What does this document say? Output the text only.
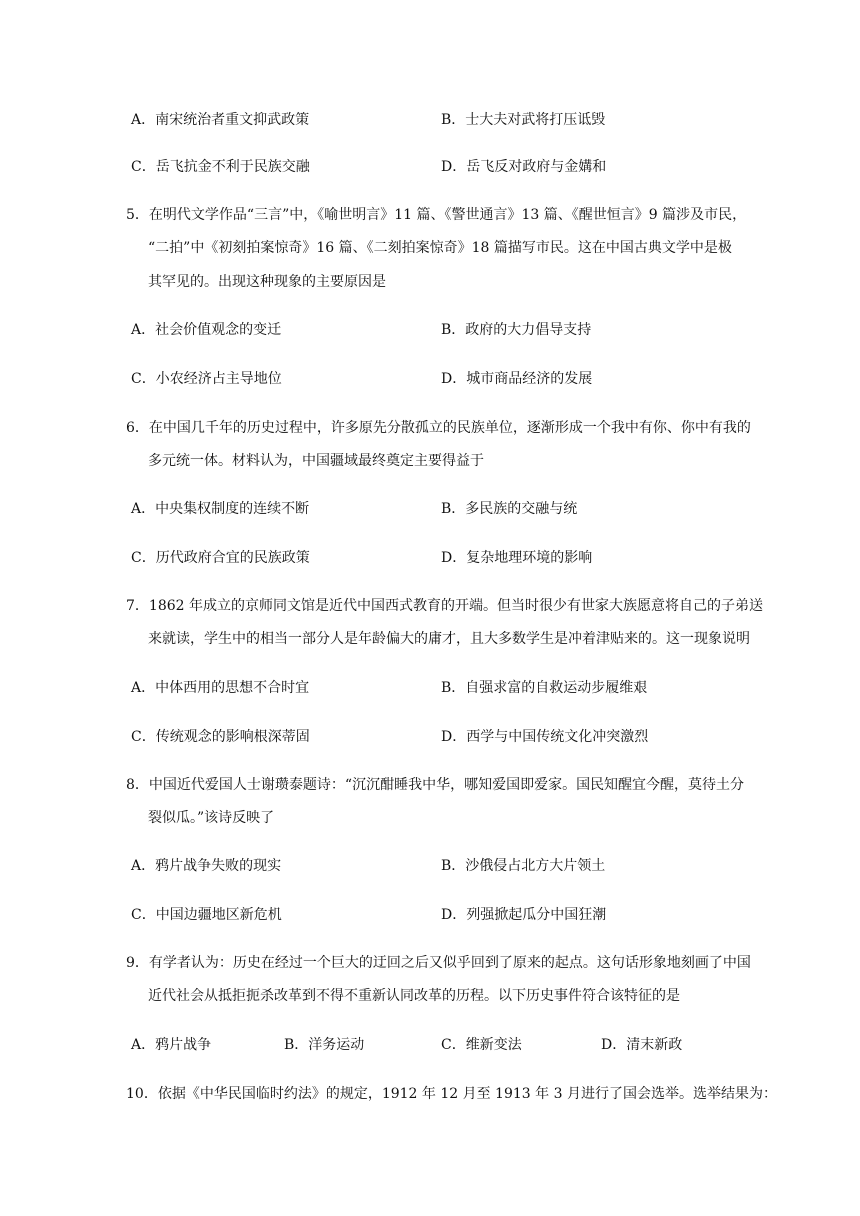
A．南宋统治者重文抑武政策	B．士大夫对武将打压诋毁
C．岳飞抗金不利于民族交融	D．岳飞反对政府与金媾和
5．在明代文学作品“三言”中，《喻世明言》11 篇、《警世通言》13 篇、《醒世恒言》9 篇涉及市民，
“二拍”中《初刻拍案惊奇》16 篇、《二刻拍案惊奇》18 篇描写市民。这在中国古典文学中是极
其罕见的。出现这种现象的主要原因是
A．社会价值观念的变迁	B．政府的大力倡导支持
C．小农经济占主导地位	D．城市商品经济的发展
6．在中国几千年的历史过程中，许多原先分散孤立的民族单位，逐渐形成一个我中有你、你中有我的
多元统一体。材料认为，中国疆域最终奠定主要得益于
A．中央集权制度的连续不断	B．多民族的交融与统
C．历代政府合宜的民族政策	D．复杂地理环境的影响
7．1862 年成立的京师同文馆是近代中国西式教育的开端。但当时很少有世家大族愿意将自己的子弟送
来就读，学生中的相当一部分人是年龄偏大的庸才，且大多数学生是冲着津贴来的。这一现象说明
A．中体西用的思想不合时宜	B．自强求富的自救运动步履维艰
C．传统观念的影响根深蒂固	D．西学与中国传统文化冲突激烈
8．中国近代爱国人士谢瓒泰题诗：“沉沉酣睡我中华，哪知爱国即爱家。国民知醒宜今醒，莫待土分
裂似瓜。”该诗反映了
A．鸦片战争失败的现实	B．沙俄侵占北方大片领土
C．中国边疆地区新危机	D．列强掀起瓜分中国狂潮
9．有学者认为：历史在经过一个巨大的迂回之后又似乎回到了原来的起点。这句话形象地刻画了中国
近代社会从抵拒扼杀改革到不得不重新认同改革的历程。以下历史事件符合该特征的是
A．鸦片战争	B．洋务运动	C．维新变法	D．清末新政
10．依据《中华民国临时约法》的规定，1912 年 12 月至 1913 年 3 月进行了国会选举。选举结果为：
